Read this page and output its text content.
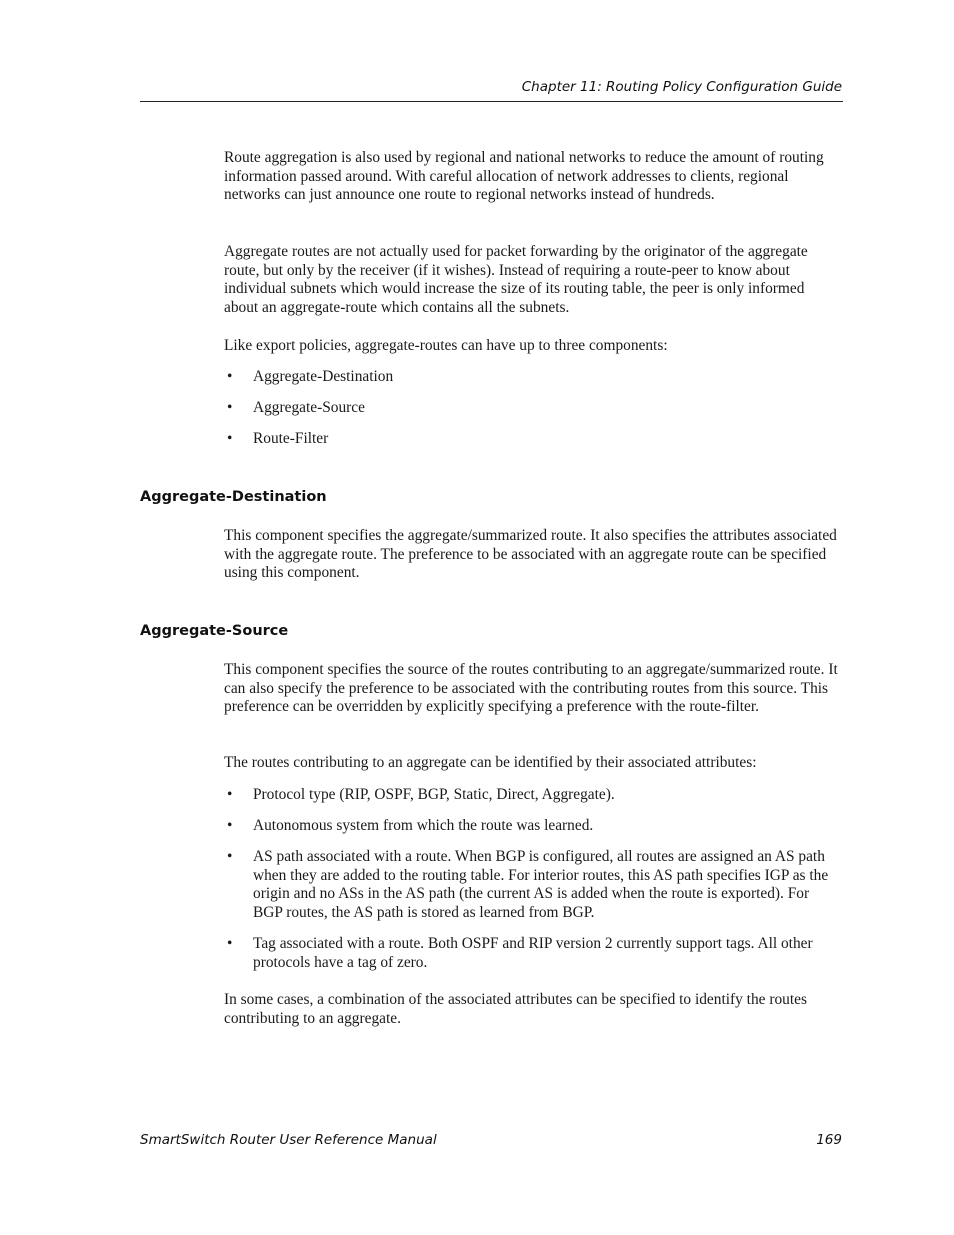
Chapter 11: Routing Policy Configuration Guide

Route aggregation is also used by regional and national networks to reduce the amount of routing information passed around. With careful allocation of network addresses to clients, regional networks can just announce one route to regional networks instead of hundreds.

Aggregate routes are not actually used for packet forwarding by the originator of the aggregate route, but only by the receiver (if it wishes). Instead of requiring a route-peer to know about individual subnets which would increase the size of its routing table, the peer is only informed about an aggregate-route which contains all the subnets.

Like export policies, aggregate-routes can have up to three components:

• Aggregate-Destination
• Aggregate-Source
• Route-Filter
Aggregate-Destination

This component specifies the aggregate/summarized route. It also specifies the attributes associated with the aggregate route. The preference to be associated with an aggregate route can be specified using this component.

Aggregate-Source

This component specifies the source of the routes contributing to an aggregate/summarized route. It can also specify the preference to be associated with the contributing routes from this source. This preference can be overridden by explicitly specifying a preference with the route-filter.

The routes contributing to an aggregate can be identified by their associated attributes:

• Protocol type (RIP, OSPF, BGP, Static, Direct, Aggregate).
• Autonomous system from which the route was learned.
• AS path associated with a route. When BGP is configured, all routes are assigned an AS path when they are added to the routing table. For interior routes, this AS path specifies IGP as the origin and no ASs in the AS path (the current AS is added when the route is exported). For BGP routes, the AS path is stored as learned from BGP.
• Tag associated with a route. Both OSPF and RIP version 2 currently support tags. All other protocols have a tag of zero.

In some cases, a combination of the associated attributes can be specified to identify the routes contributing to an aggregate.

SmartSwitch Router User Reference Manual	169
